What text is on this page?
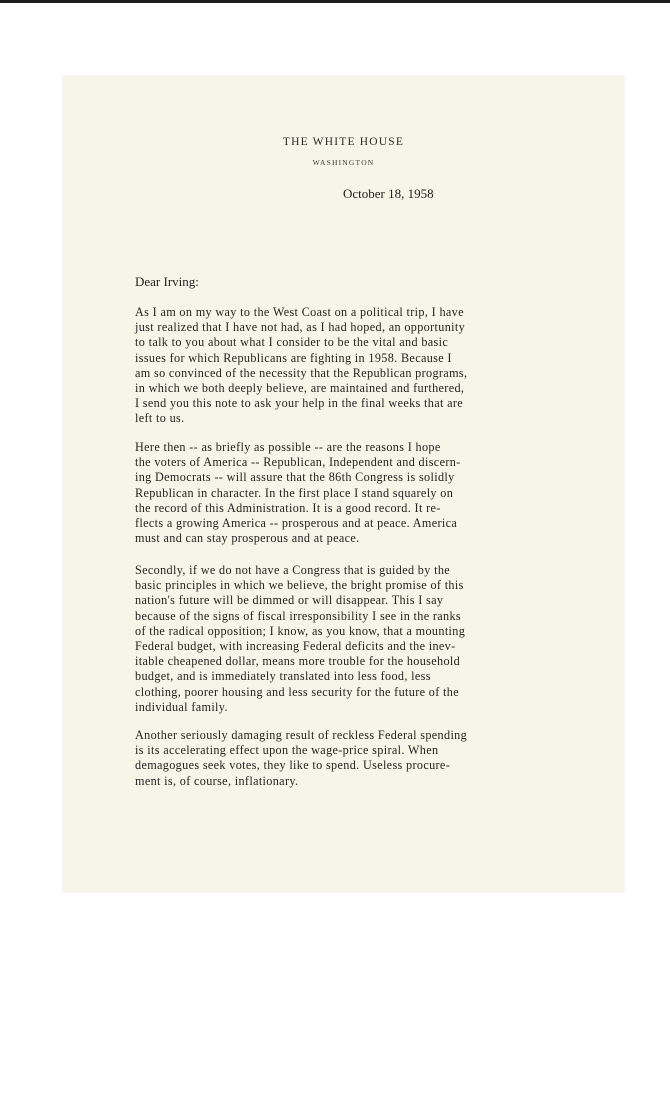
THE WHITE HOUSE
WASHINGTON
October 18, 1958
Dear Irving:

As I am on my way to the West Coast on a political trip, I have
just realized that I have not had, as I had hoped, an opportunity
to talk to you about what I consider to be the vital and basic
issues for which Republicans are fighting in 1958. Because I
am so convinced of the necessity that the Republican programs,
in which we both deeply believe, are maintained and furthered,
I send you this note to ask your help in the final weeks that are
left to us.

Here then -- as briefly as possible -- are the reasons I hope
the voters of America -- Republican, Independent and discern-
ing Democrats -- will assure that the 86th Congress is solidly
Republican in character. In the first place I stand squarely on
the record of this Administration. It is a good record. It re-
flects a growing America -- prosperous and at peace. America
must and can stay prosperous and at peace.

Secondly, if we do not have a Congress that is guided by the
basic principles in which we believe, the bright promise of this
nation's future will be dimmed or will disappear. This I say
because of the signs of fiscal irresponsibility I see in the ranks
of the radical opposition; I know, as you know, that a mounting
Federal budget, with increasing Federal deficits and the inev-
itable cheapened dollar, means more trouble for the household
budget, and is immediately translated into less food, less
clothing, poorer housing and less security for the future of the
individual family.

Another seriously damaging result of reckless Federal spending
is its accelerating effect upon the wage-price spiral. When
demagogues seek votes, they like to spend. Useless procure-
ment is, of course, inflationary.
